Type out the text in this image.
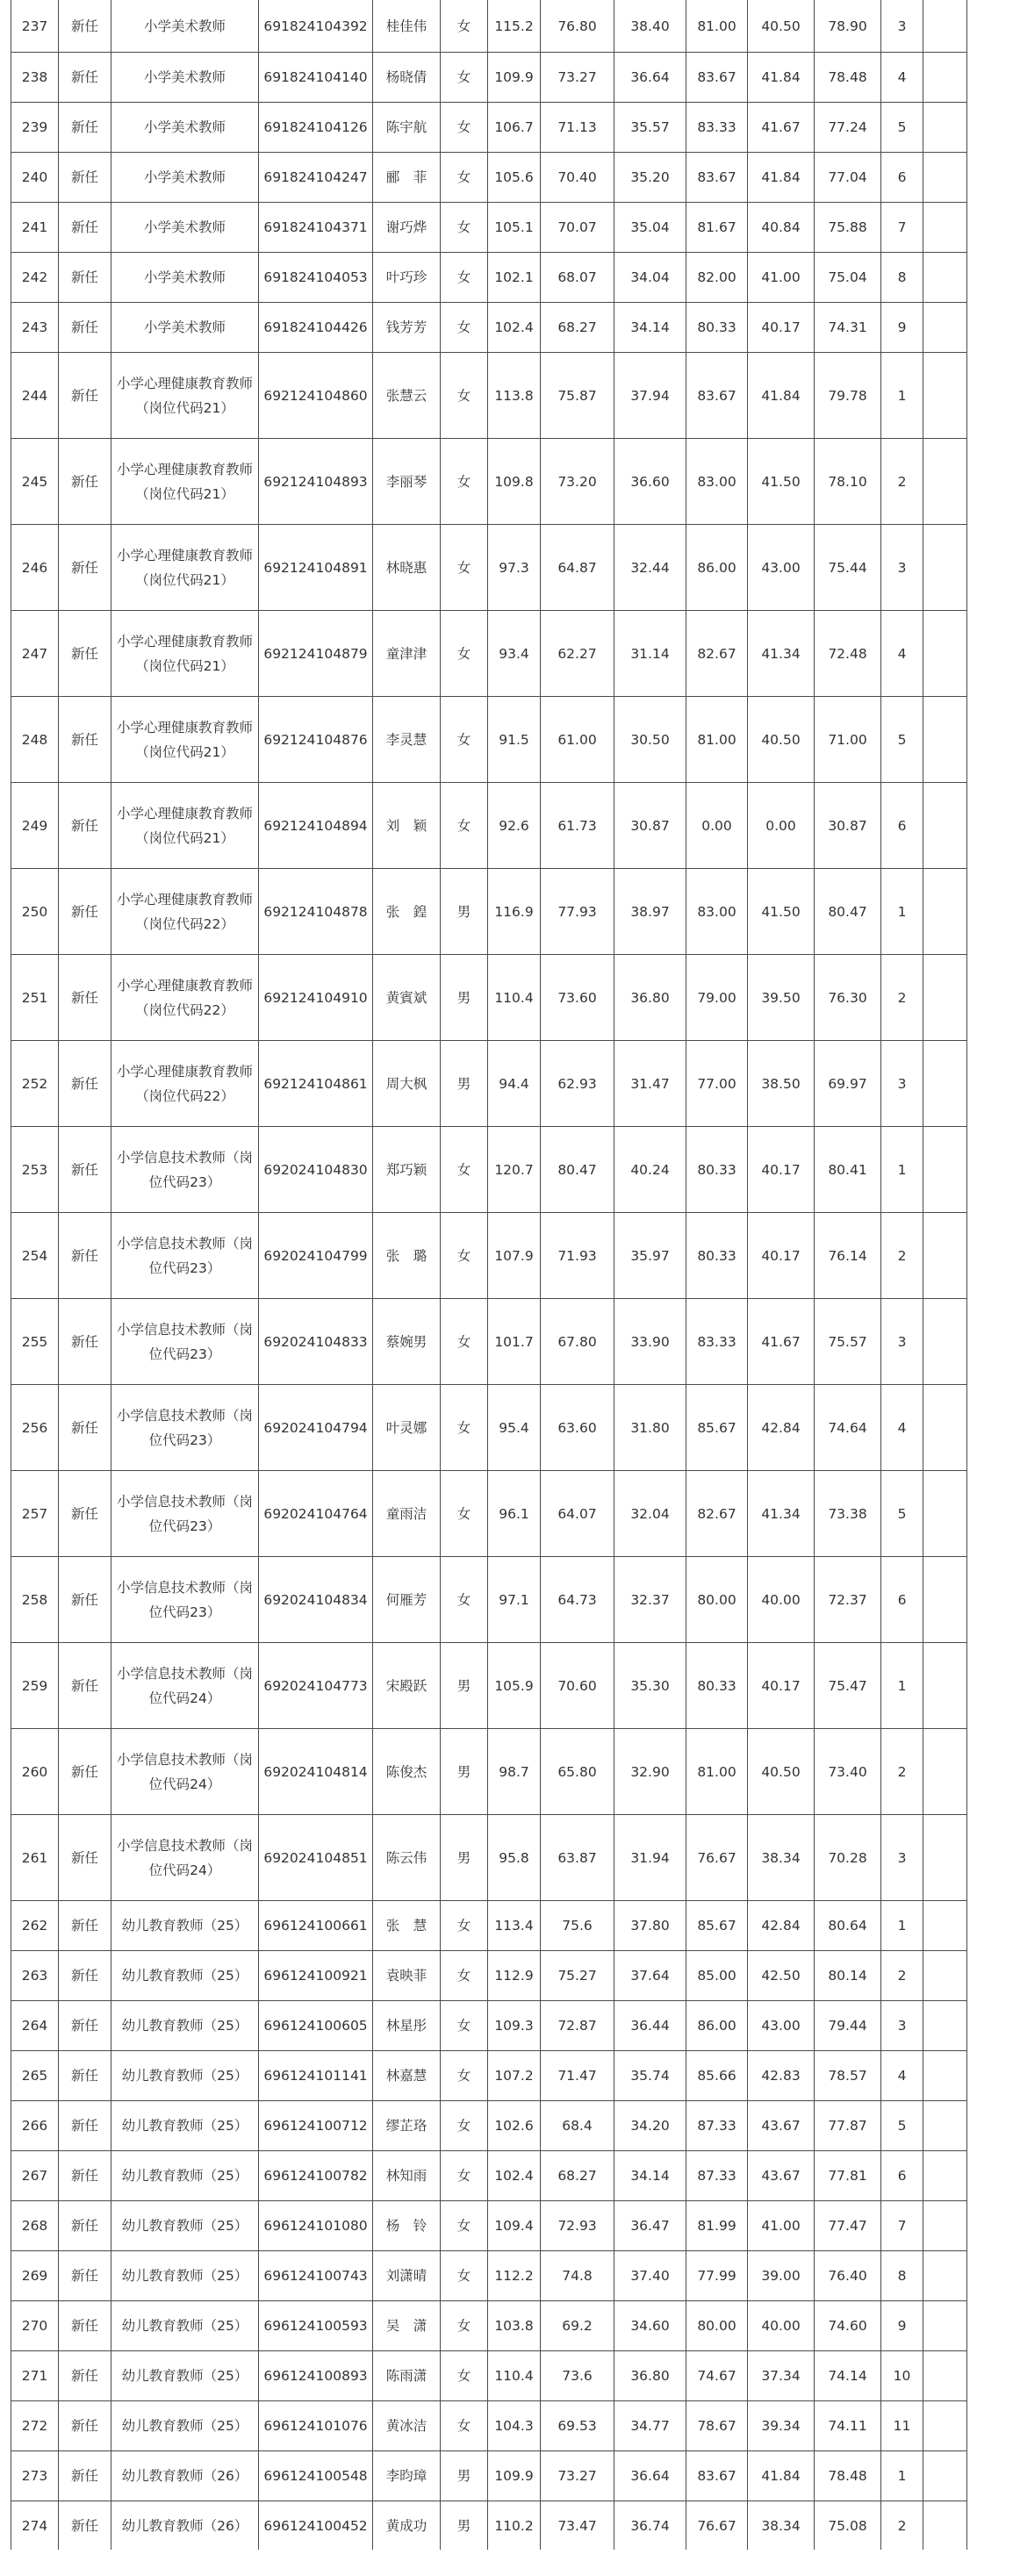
237	新任	小学美术教师	691824104392	桂佳伟	女	115.2	76.80	38.40	81.00	40.50	78.90	3	
238	新任	小学美术教师	691824104140	杨晓倩	女	109.9	73.27	36.64	83.67	41.84	78.48	4	
239	新任	小学美术教师	691824104126	陈宇航	女	106.7	71.13	35.57	83.33	41.67	77.24	5	
240	新任	小学美术教师	691824104247	郦　菲	女	105.6	70.40	35.20	83.67	41.84	77.04	6	
241	新任	小学美术教师	691824104371	谢巧烨	女	105.1	70.07	35.04	81.67	40.84	75.88	7	
242	新任	小学美术教师	691824104053	叶巧珍	女	102.1	68.07	34.04	82.00	41.00	75.04	8	
243	新任	小学美术教师	691824104426	钱芳芳	女	102.4	68.27	34.14	80.33	40.17	74.31	9	
244	新任	小学心理健康教育教师（岗位代码21）	692124104860	张慧云	女	113.8	75.87	37.94	83.67	41.84	79.78	1	
245	新任	小学心理健康教育教师（岗位代码21）	692124104893	李丽琴	女	109.8	73.20	36.60	83.00	41.50	78.10	2	
246	新任	小学心理健康教育教师（岗位代码21）	692124104891	林晓惠	女	97.3	64.87	32.44	86.00	43.00	75.44	3	
247	新任	小学心理健康教育教师（岗位代码21）	692124104879	童津津	女	93.4	62.27	31.14	82.67	41.34	72.48	4	
248	新任	小学心理健康教育教师（岗位代码21）	692124104876	李灵慧	女	91.5	61.00	30.50	81.00	40.50	71.00	5	
249	新任	小学心理健康教育教师（岗位代码21）	692124104894	刘　颖	女	92.6	61.73	30.87	0.00	0.00	30.87	6	
250	新任	小学心理健康教育教师（岗位代码22）	692124104878	张　鍠	男	116.9	77.93	38.97	83.00	41.50	80.47	1	
251	新任	小学心理健康教育教师（岗位代码22）	692124104910	黄賓斌	男	110.4	73.60	36.80	79.00	39.50	76.30	2	
252	新任	小学心理健康教育教师（岗位代码22）	692124104861	周大枫	男	94.4	62.93	31.47	77.00	38.50	69.97	3	
253	新任	小学信息技术教师（岗位代码23）	692024104830	郑巧颖	女	120.7	80.47	40.24	80.33	40.17	80.41	1	
254	新任	小学信息技术教师（岗位代码23）	692024104799	张　璐	女	107.9	71.93	35.97	80.33	40.17	76.14	2	
255	新任	小学信息技术教师（岗位代码23）	692024104833	蔡婉男	女	101.7	67.80	33.90	83.33	41.67	75.57	3	
256	新任	小学信息技术教师（岗位代码23）	692024104794	叶灵娜	女	95.4	63.60	31.80	85.67	42.84	74.64	4	
257	新任	小学信息技术教师（岗位代码23）	692024104764	童雨洁	女	96.1	64.07	32.04	82.67	41.34	73.38	5	
258	新任	小学信息技术教师（岗位代码23）	692024104834	何雁芳	女	97.1	64.73	32.37	80.00	40.00	72.37	6	
259	新任	小学信息技术教师（岗位代码24）	692024104773	宋殿跃	男	105.9	70.60	35.30	80.33	40.17	75.47	1	
260	新任	小学信息技术教师（岗位代码24）	692024104814	陈俊杰	男	98.7	65.80	32.90	81.00	40.50	73.40	2	
261	新任	小学信息技术教师（岗位代码24）	692024104851	陈云伟	男	95.8	63.87	31.94	76.67	38.34	70.28	3	
262	新任	幼儿教育教师（25）	696124100661	张　慧	女	113.4	75.6	37.80	85.67	42.84	80.64	1	
263	新任	幼儿教育教师（25）	696124100921	袁映菲	女	112.9	75.27	37.64	85.00	42.50	80.14	2	
264	新任	幼儿教育教师（25）	696124100605	林星彤	女	109.3	72.87	36.44	86.00	43.00	79.44	3	
265	新任	幼儿教育教师（25）	696124101141	林嘉慧	女	107.2	71.47	35.74	85.66	42.83	78.57	4	
266	新任	幼儿教育教师（25）	696124100712	缪芷珞	女	102.6	68.4	34.20	87.33	43.67	77.87	5	
267	新任	幼儿教育教师（25）	696124100782	林知雨	女	102.4	68.27	34.14	87.33	43.67	77.81	6	
268	新任	幼儿教育教师（25）	696124101080	杨　铃	女	109.4	72.93	36.47	81.99	41.00	77.47	7	
269	新任	幼儿教育教师（25）	696124100743	刘潇晴	女	112.2	74.8	37.40	77.99	39.00	76.40	8	
270	新任	幼儿教育教师（25）	696124100593	吴　潇	女	103.8	69.2	34.60	80.00	40.00	74.60	9	
271	新任	幼儿教育教师（25）	696124100893	陈雨潇	女	110.4	73.6	36.80	74.67	37.34	74.14	10	
272	新任	幼儿教育教师（25）	696124101076	黄冰洁	女	104.3	69.53	34.77	78.67	39.34	74.11	11	
273	新任	幼儿教育教师（26）	696124100548	李昀璋	男	109.9	73.27	36.64	83.67	41.84	78.48	1	
274	新任	幼儿教育教师（26）	696124100452	黄成功	男	110.2	73.47	36.74	76.67	38.34	75.08	2	
